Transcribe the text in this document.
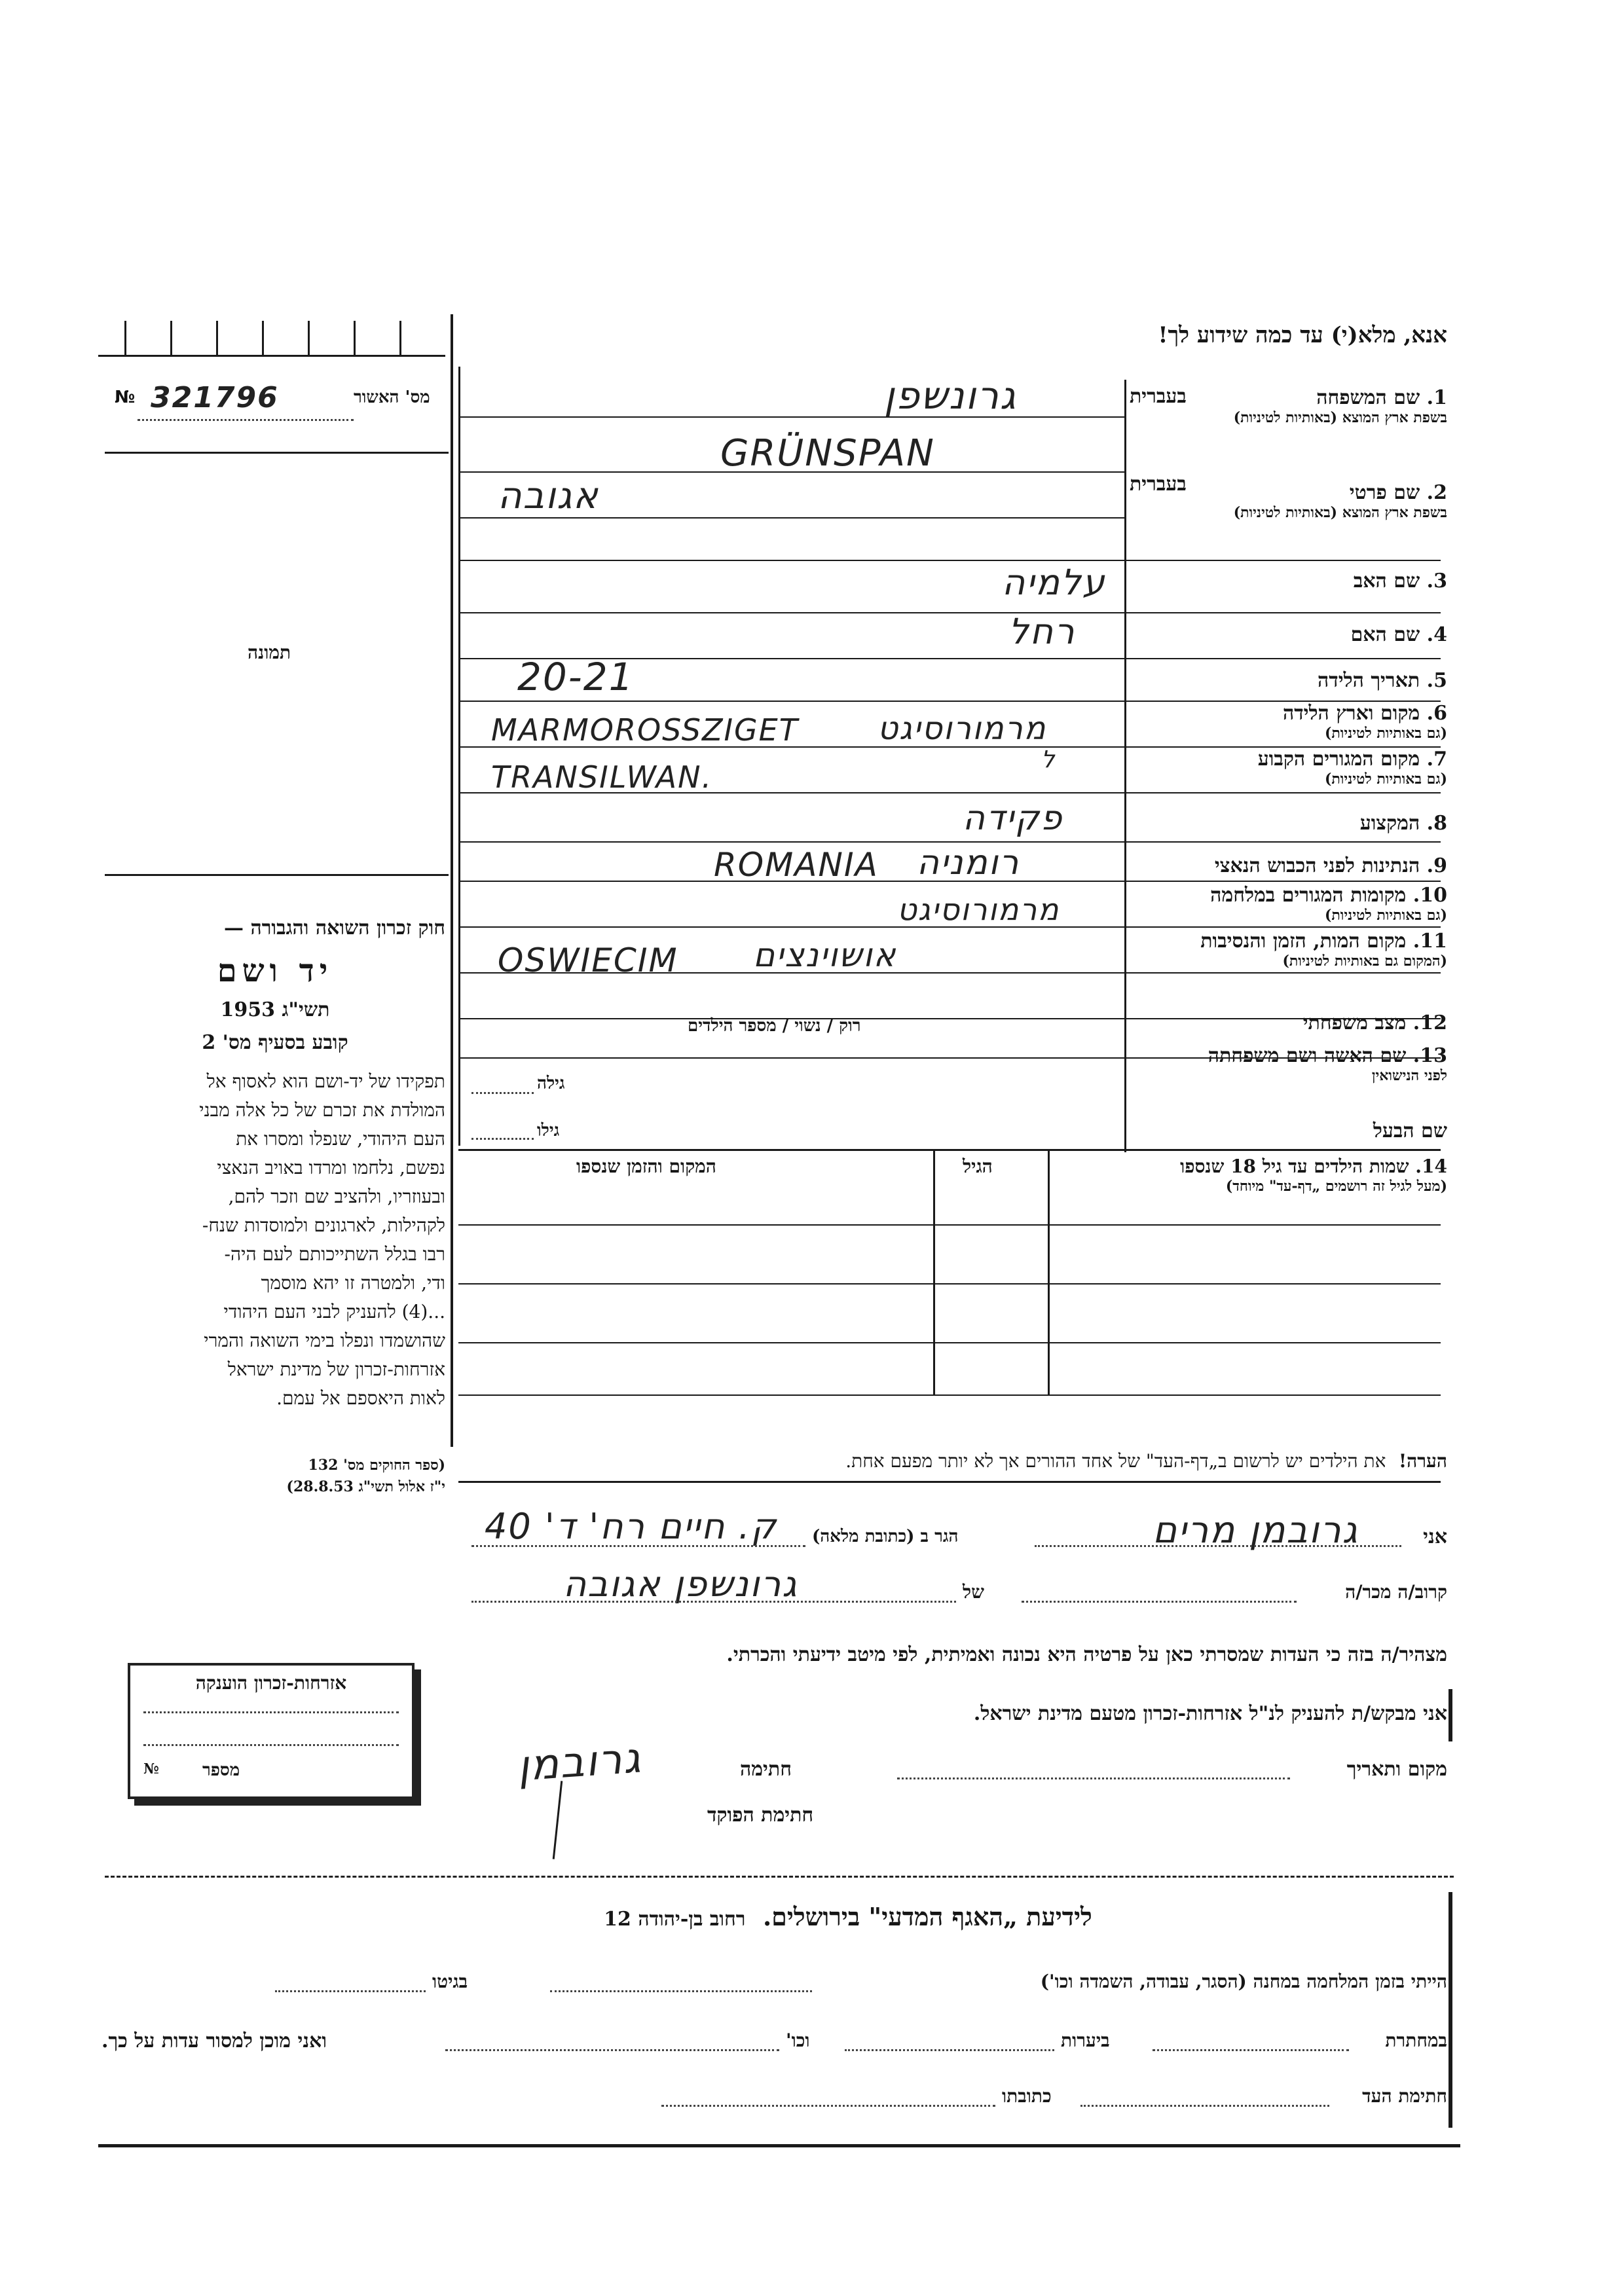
אנא, מלא(י) עד כמה שידוע לך!
№ 321796	מס' האשור
תמונה
1. שם המשפחה
בשפת ארץ המוצא (באותיות לטיניות)
בעברית
גרונשפן
GRÜNSPAN
2. שם פרטי
בשפת ארץ המוצא (באותיות לטיניות)
בעברית
אגובה
3. שם האב
עלמיה
4. שם האם
רחל
5. תאריך הלידה
20-21
6. מקום וארץ הלידה
(גם באותיות לטיניות)
MARMOROSSZIGET	מרמורוסיגט
7. מקום המגורים הקבוע
(גם באותיות לטיניות)
TRANSILWAN.	ל
8. המקצוע
פקידה
9. הנתינות לפני הכבוש הנאצי
ROMANIA רומניה
10. מקומות המגורים במלחמה
(גם באותיות לטיניות)
מרמורוסיגט
11. מקום המות, הזמן והנסיבות
(המקום גם באותיות לטיניות)
OSWIECIM אושוינצים
12. מצב משפחתי
רוק / נשוי / מספר הילדים
13. שם האשה ושם משפחתה
לפני הנישואין
גילה
שם הבעל
גילו
14. שמות הילדים עד גיל 18 שנספו
(מעל לגיל זה רושמים „דף-עד" מיוחד)
הגיל
המקום והזמן שנספו
הערה!  את הילדים יש לרשום ב„דף-העד" של אחד ההורים אך לא יותר מפעם אחת.
אני
גרובמן מרים
הגר ב (כתובת מלאה)
ק. חיים רח' ד' 40
קרוב/ה מכר/ה
של
גרונשפן אגובה
מצהיר/ה בזה כי העדות שמסרתי כאן על פרטיה היא נכונה ואמיתית, לפי מיטב ידיעתי והכרתי.
אני מבקש/ת להעניק לנ"ל אזרחות-זכרון מטעם מדינת ישראל.
מקום ותאריך
חתימה
חתימת הפוקד
גרובמן
אזרחות-זכרון הוענקה
מספר
№
חוק זכרון השואה והגבורה —
יד ושם
תשי"ג 1953
קובע בסעיף מס' 2
תפקידו של יד-ושם הוא לאסוף אל
המולדת את זכרם של כל אלה מבני
העם היהודי, שנפלו ומסרו את
נפשם, נלחמו ומרדו באויב הנאצי
ובעוזריו, ולהציב שם וזכר להם,
לקהילות, לארגונים ולמוסדות שנח-
רבו בגלל השתייכותם לעם היה-
ודי, ולמטרה זו יהא מוסמך
...(4) להעניק לבני העם היהודי
שהושמדו ונפלו בימי השואה והמרי
אזרחות-זכרון של מדינת ישראל
לאות היאספם אל עמם.
(ספר החוקים מס' 132
י"ז אלול תשי"ג 28.8.53)
לידיעת „האגף המדעי" בירושלים.  רחוב בן-יהודה 12
הייתי בזמן המלחמה במחנה (הסגר, עבודה, השמדה וכו')
בגיטו
במחתרת
ביערות
וכו'
ואני מוכן למסור עדות על כך.
חתימת העד
כתובתו
